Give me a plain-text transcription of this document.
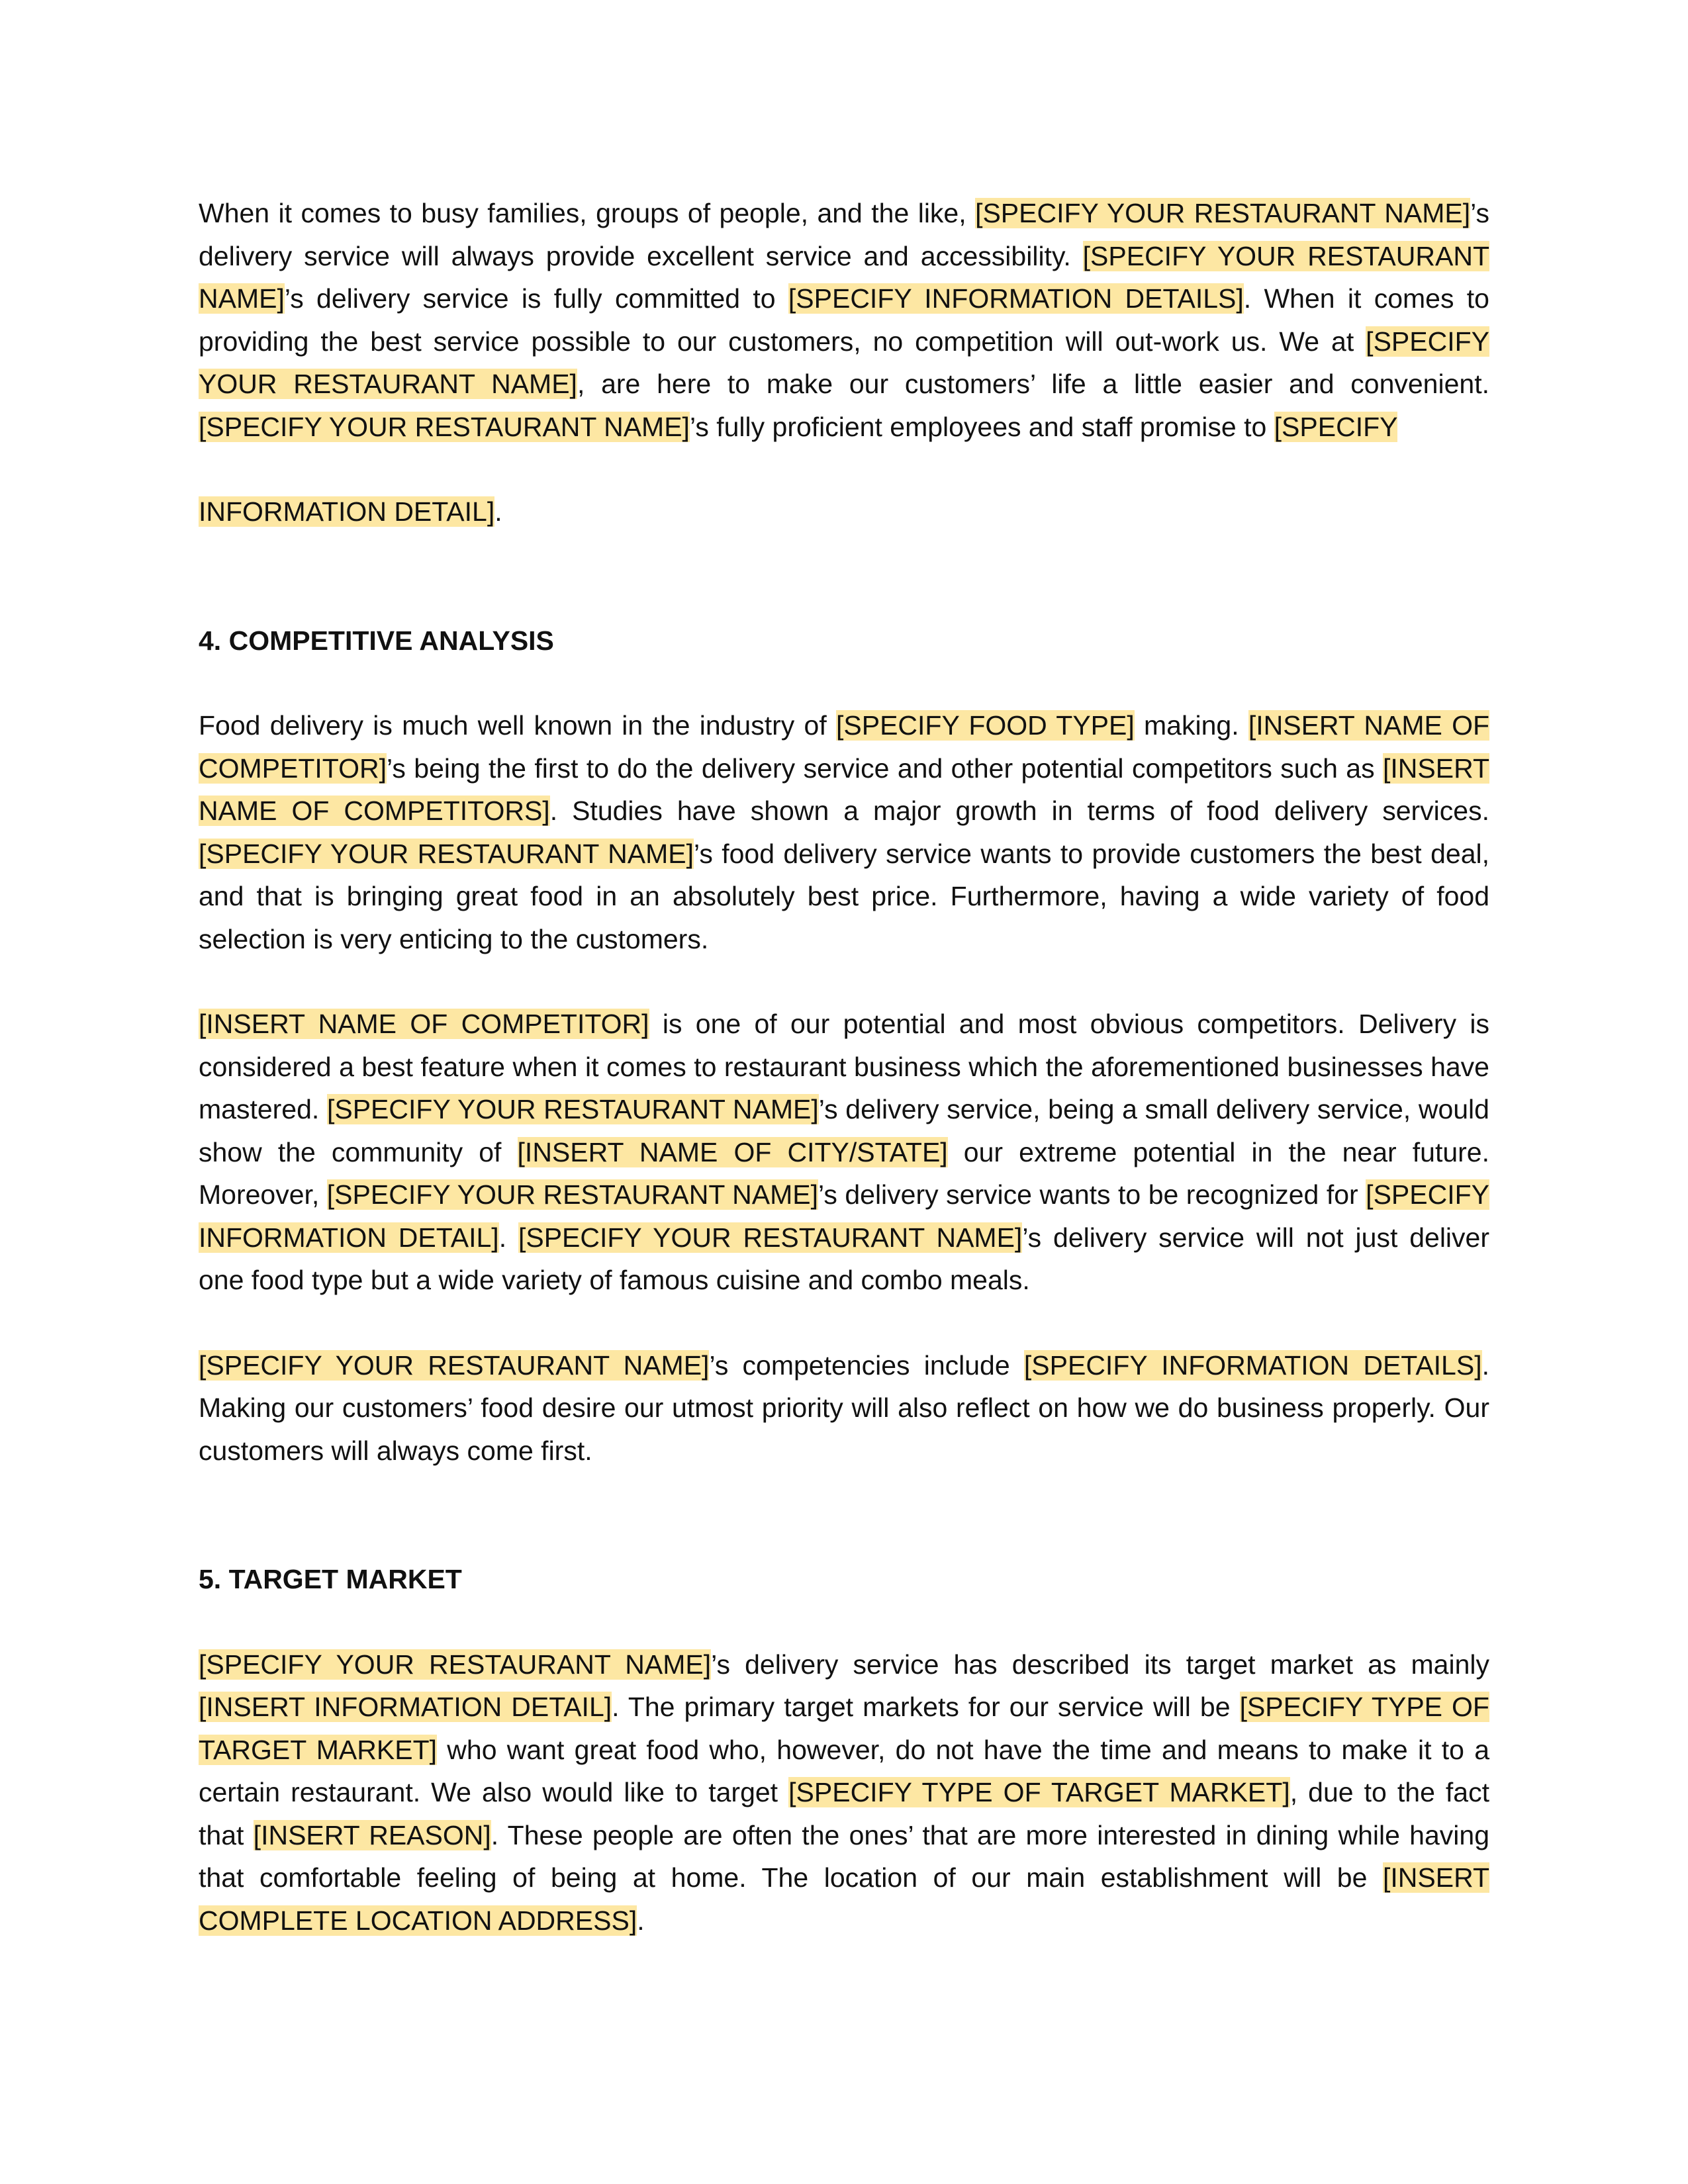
When it comes to busy families, groups of people, and the like, [SPECIFY YOUR RESTAURANT NAME]’s delivery service will always provide excellent service and accessibility. [SPECIFY YOUR RESTAURANT NAME]’s delivery service is fully committed to [SPECIFY INFORMATION DETAILS]. When it comes to providing the best service possible to our customers, no competition will out-work us. We at [SPECIFY YOUR RESTAURANT NAME], are here to make our customers’ life a little easier and convenient. [SPECIFY YOUR RESTAURANT NAME]’s fully proficient employees and staff promise to [SPECIFY

INFORMATION DETAIL].

4. COMPETITIVE ANALYSIS

Food delivery is much well known in the industry of [SPECIFY FOOD TYPE] making. [INSERT NAME OF COMPETITOR]’s being the first to do the delivery service and other potential competitors such as [INSERT NAME OF COMPETITORS]. Studies have shown a major growth in terms of food delivery services. [SPECIFY YOUR RESTAURANT NAME]’s food delivery service wants to provide customers the best deal, and that is bringing great food in an absolutely best price. Furthermore, having a wide variety of food selection is very enticing to the customers.

[INSERT NAME OF COMPETITOR] is one of our potential and most obvious competitors. Delivery is considered a best feature when it comes to restaurant business which the aforementioned businesses have mastered. [SPECIFY YOUR RESTAURANT NAME]’s delivery service, being a small delivery service, would show the community of [INSERT NAME OF CITY/STATE] our extreme potential in the near future. Moreover, [SPECIFY YOUR RESTAURANT NAME]’s delivery service wants to be recognized for [SPECIFY INFORMATION DETAIL]. [SPECIFY YOUR RESTAURANT NAME]’s delivery service will not just deliver one food type but a wide variety of famous cuisine and combo meals.

[SPECIFY YOUR RESTAURANT NAME]’s competencies include [SPECIFY INFORMATION DETAILS]. Making our customers’ food desire our utmost priority will also reflect on how we do business properly. Our customers will always come first.

5. TARGET MARKET

[SPECIFY YOUR RESTAURANT NAME]’s delivery service has described its target market as mainly [INSERT INFORMATION DETAIL]. The primary target markets for our service will be [SPECIFY TYPE OF TARGET MARKET] who want great food who, however, do not have the time and means to make it to a certain restaurant. We also would like to target [SPECIFY TYPE OF TARGET MARKET], due to the fact that [INSERT REASON]. These people are often the ones’ that are more interested in dining while having that comfortable feeling of being at home. The location of our main establishment will be [INSERT COMPLETE LOCATION ADDRESS].
